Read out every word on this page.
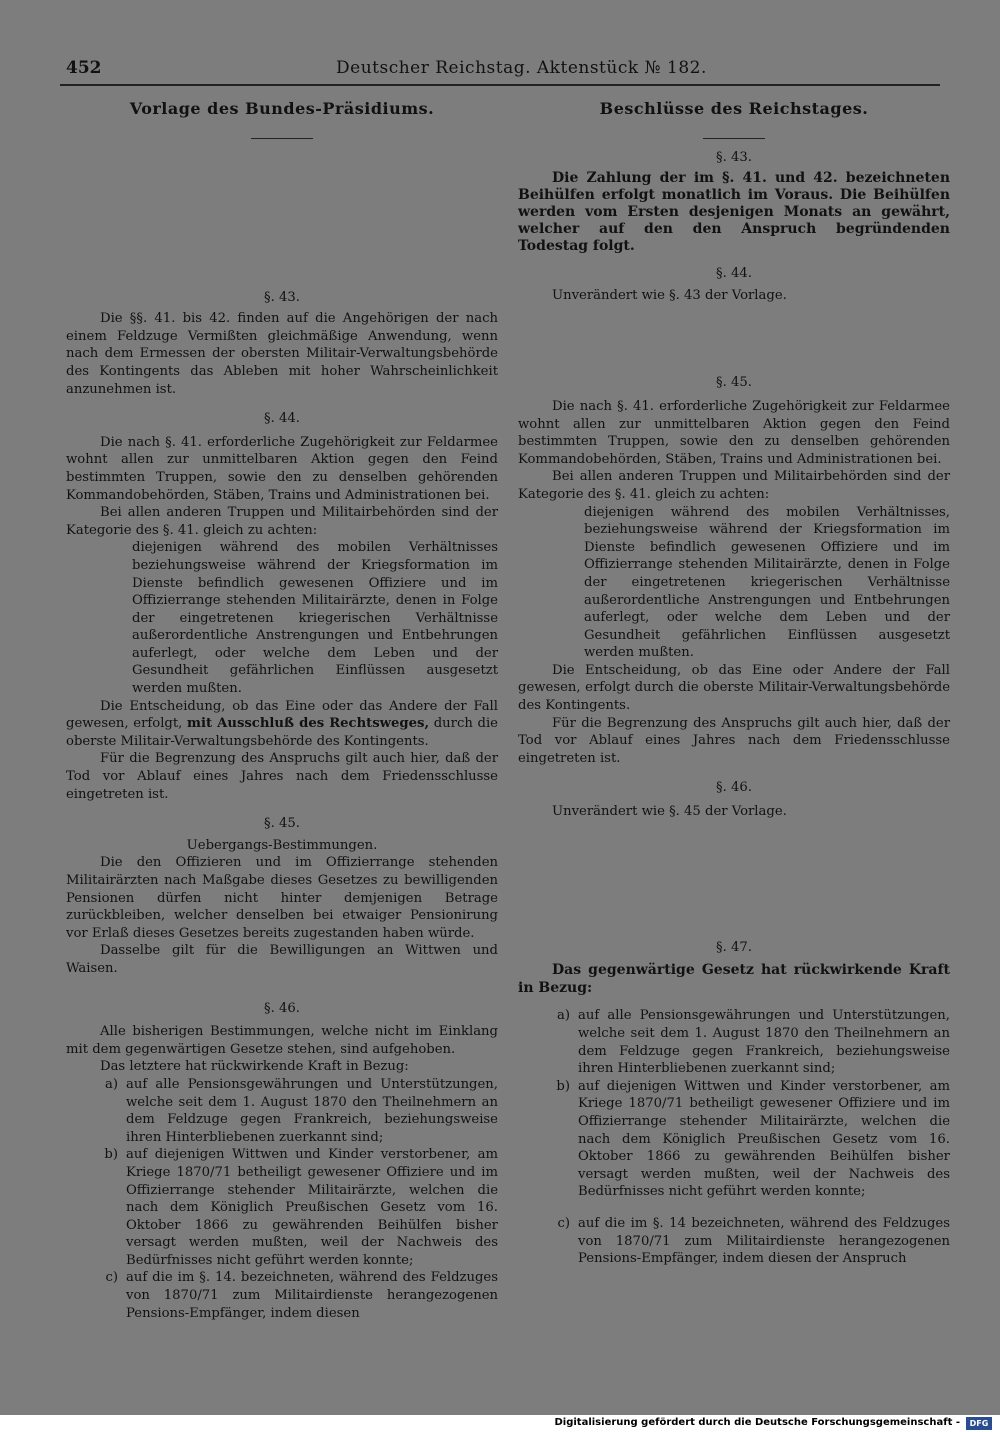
452	Deutscher Reichstag. Aktenstück № 182.
Vorlage des Bundes-Präsidiums.
§. 43.

Die §§. 41. bis 42. finden auf die Angehörigen der nach einem Feldzuge Vermißten gleichmäßige Anwendung, wenn nach dem Ermessen der obersten Militair-Verwaltungsbehörde des Kontingents das Ableben mit hoher Wahrscheinlichkeit anzunehmen ist.

§. 44.

Die nach §. 41. erforderliche Zugehörigkeit zur Feldarmee wohnt allen zur unmittelbaren Aktion gegen den Feind bestimmten Truppen, sowie den zu denselben gehörenden Kommandobehörden, Stäben, Trains und Administrationen bei.

Bei allen anderen Truppen und Militairbehörden sind der Kategorie des §. 41. gleich zu achten:

diejenigen während des mobilen Verhältnisses beziehungsweise während der Kriegsformation im Dienste befindlich gewesenen Offiziere und im Offizierrange stehenden Militairärzte, denen in Folge der eingetretenen kriegerischen Verhältnisse außerordentliche Anstrengungen und Entbehrungen auferlegt, oder welche dem Leben und der Gesundheit gefährlichen Einflüssen ausgesetzt werden mußten.

Die Entscheidung, ob das Eine oder das Andere der Fall gewesen, erfolgt, mit Ausschluß des Rechtsweges, durch die oberste Militair-Verwaltungsbehörde des Kontingents.

Für die Begrenzung des Anspruchs gilt auch hier, daß der Tod vor Ablauf eines Jahres nach dem Friedensschlusse eingetreten ist.

§. 45.
Uebergangs-Bestimmungen.

Die den Offizieren und im Offizierrange stehenden Militairärzten nach Maßgabe dieses Gesetzes zu bewilligenden Pensionen dürfen nicht hinter demjenigen Betrage zurückbleiben, welcher denselben bei etwaiger Pensionirung vor Erlaß dieses Gesetzes bereits zugestanden haben würde.

Dasselbe gilt für die Bewilligungen an Wittwen und Waisen.

§. 46.

Alle bisherigen Bestimmungen, welche nicht im Einklang mit dem gegenwärtigen Gesetze stehen, sind aufgehoben.

Das letztere hat rückwirkende Kraft in Bezug:

a) auf alle Pensionsgewährungen und Unterstützungen, welche seit dem 1. August 1870 den Theilnehmern an dem Feldzuge gegen Frankreich, beziehungsweise ihren Hinterbliebenen zuerkannt sind;
b) auf diejenigen Wittwen und Kinder verstorbener, am Kriege 1870/71 betheiligt gewesener Offiziere und im Offizierrange stehender Militairärzte, welchen die nach dem Königlich Preußischen Gesetz vom 16. Oktober 1866 zu gewährenden Beihülfen bisher versagt werden mußten, weil der Nachweis des Bedürfnisses nicht geführt werden konnte;
c) auf die im §. 14. bezeichneten, während des Feldzuges von 1870/71 zum Militairdienste herangezogenen Pensions-Empfänger, indem diesen
Beschlüsse des Reichstages.
§. 43.

Die Zahlung der im §. 41. und 42. bezeichneten Beihülfen erfolgt monatlich im Voraus. Die Beihülfen werden vom Ersten desjenigen Monats an gewährt, welcher auf den den Anspruch begründenden Todestag folgt.

§. 44.

Unverändert wie §. 43 der Vorlage.

§. 45.

Die nach §. 41. erforderliche Zugehörigkeit zur Feldarmee wohnt allen zur unmittelbaren Aktion gegen den Feind bestimmten Truppen, sowie den zu denselben gehörenden Kommandobehörden, Stäben, Trains und Administrationen bei.

Bei allen anderen Truppen und Militairbehörden sind der Kategorie des §. 41. gleich zu achten:

diejenigen während des mobilen Verhältnisses, beziehungsweise während der Kriegsformation im Dienste befindlich gewesenen Offiziere und im Offizierrange stehenden Militairärzte, denen in Folge der eingetretenen kriegerischen Verhältnisse außerordentliche Anstrengungen und Entbehrungen auferlegt, oder welche dem Leben und der Gesundheit gefährlichen Einflüssen ausgesetzt werden mußten.

Die Entscheidung, ob das Eine oder Andere der Fall gewesen, erfolgt durch die oberste Militair-Verwaltungsbehörde des Kontingents.

Für die Begrenzung des Anspruchs gilt auch hier, daß der Tod vor Ablauf eines Jahres nach dem Friedensschlusse eingetreten ist.

§. 46.

Unverändert wie §. 45 der Vorlage.

§. 47.

Das gegenwärtige Gesetz hat rückwirkende Kraft in Bezug:

a) auf alle Pensionsgewährungen und Unterstützungen, welche seit dem 1. August 1870 den Theilnehmern an dem Feldzuge gegen Frankreich, beziehungsweise ihren Hinterbliebenen zuerkannt sind;
b) auf diejenigen Wittwen und Kinder verstorbener, am Kriege 1870/71 betheiligt gewesener Offiziere und im Offizierrange stehender Militairärzte, welchen die nach dem Königlich Preußischen Gesetz vom 16. Oktober 1866 zu gewährenden Beihülfen bisher versagt werden mußten, weil der Nachweis des Bedürfnisses nicht geführt werden konnte;
c) auf die im §. 14 bezeichneten, während des Feldzuges von 1870/71 zum Militairdienste herangezogenen Pensions-Empfänger, indem diesen der Anspruch
Digitalisierung gefördert durch die Deutsche Forschungsgemeinschaft -	DFG
